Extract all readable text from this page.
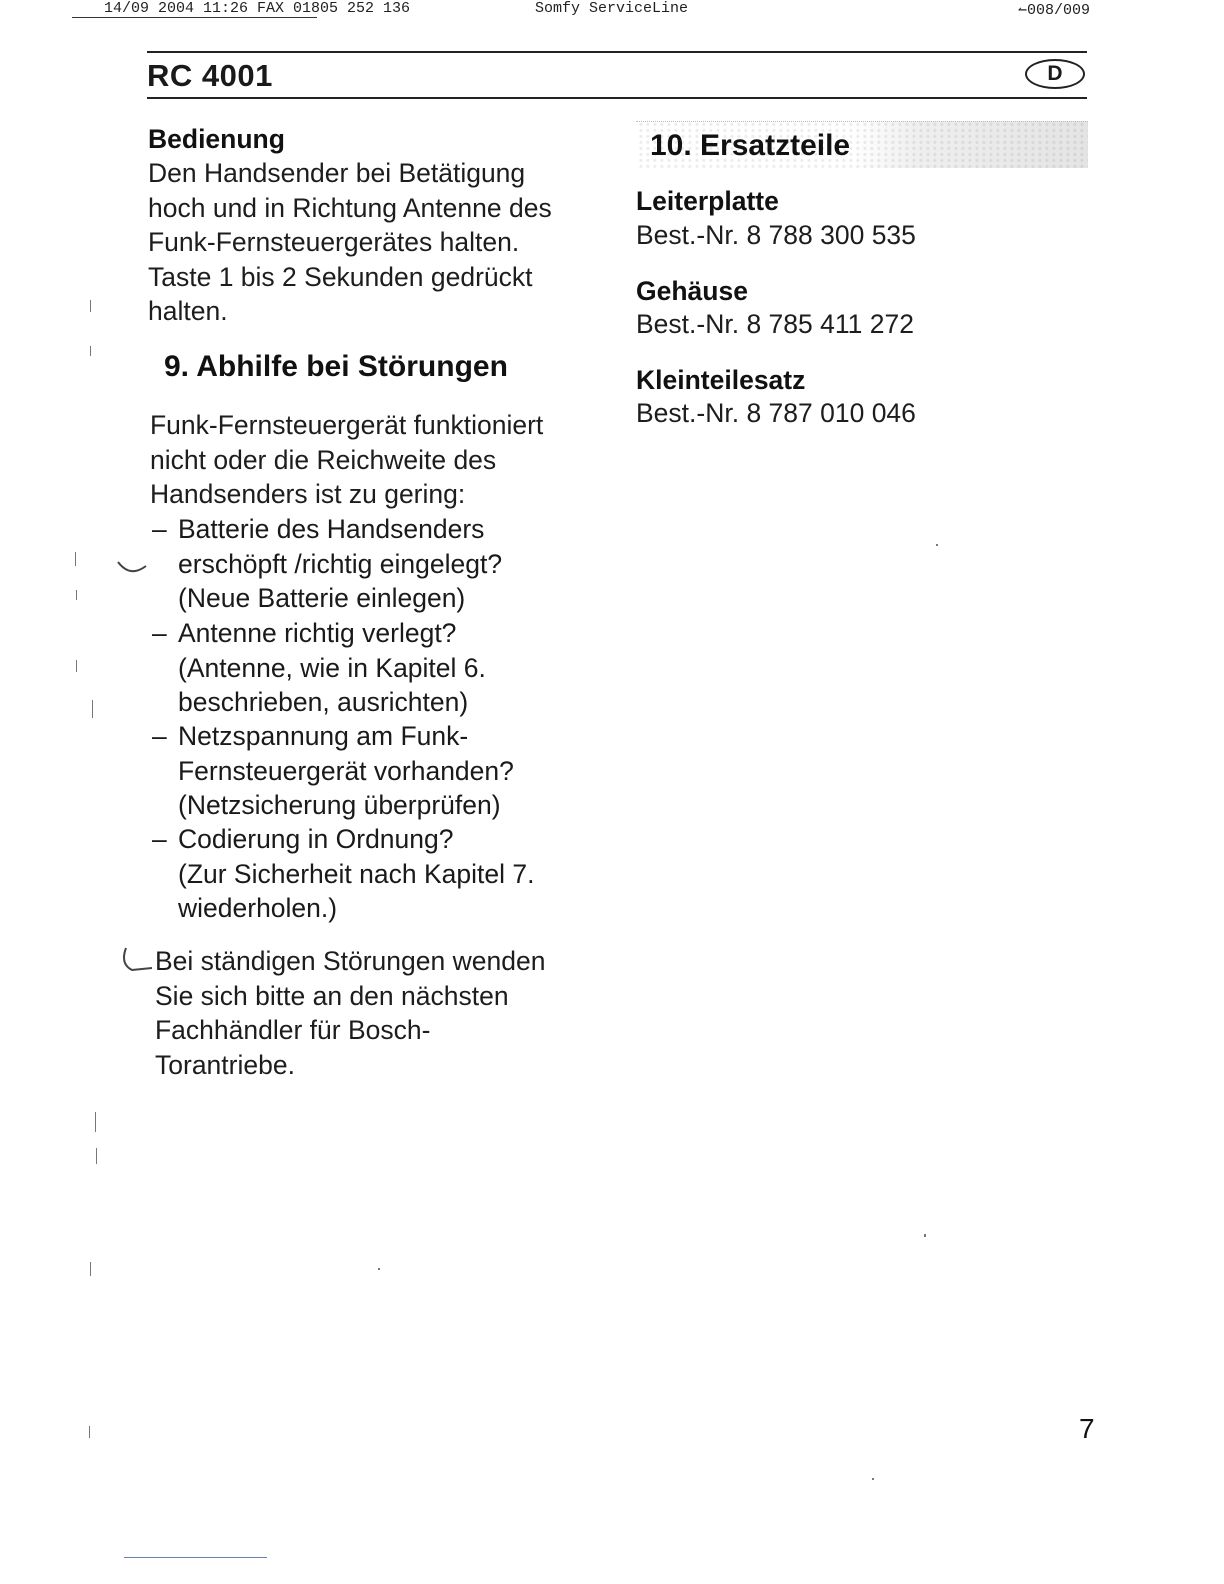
14/09 2004 11:26 FAX 01805 252 136	Somfy ServiceLine	↼008/009
RC 4001	D
Bedienung
Den Handsender bei Betätigung
hoch und in Richtung Antenne des
Funk-Fernsteuergerätes halten.
Taste 1 bis 2 Sekunden gedrückt
halten.
9. Abhilfe bei Störungen
Funk-Fernsteuergerät funktioniert
nicht oder die Reichweite des
Handsenders ist zu gering:

–

Batterie des Handsenders
erschöpft /richtig eingelegt?
(Neue Batterie einlegen)

–

Antenne richtig verlegt?
(Antenne, wie in Kapitel 6.
beschrieben, ausrichten)

–

Netzspannung am Funk-
Fernsteuergerät vorhanden?
(Netzsicherung überprüfen)

–

Codierung in Ordnung?
(Zur Sicherheit nach Kapitel 7.
wiederholen.)

Bei ständigen Störungen wenden
Sie sich bitte an den nächsten
Fachhändler für Bosch-
Torantriebe.
10. Ersatzteile
Leiterplatte
Best.-Nr. 8 788 300 535
Gehäuse
Best.-Nr. 8 785 411 272
Kleinteilesatz
Best.-Nr. 8 787 010 046
7
